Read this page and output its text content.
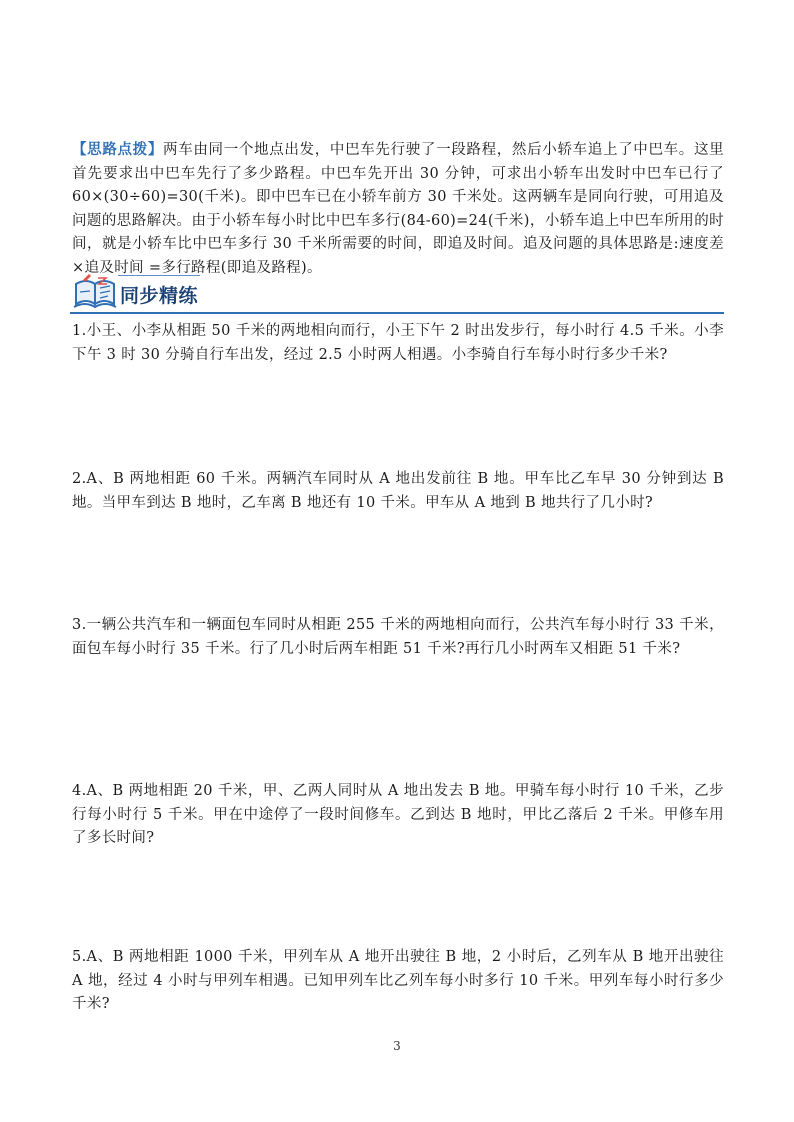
【思路点拨】两车由同一个地点出发，中巴车先行驶了一段路程，然后小轿车追上了中巴车。这里首先要求出中巴车先行了多少路程。中巴车先开出 30 分钟，可求出小轿车出发时中巴车已行了 60×(30÷60)=30(千米)。即中巴车已在小轿车前方 30 千米处。这两辆车是同向行驶，可用追及问题的思路解决。由于小轿车每小时比中巴车多行(84-60)=24(千米)，小轿车追上中巴车所用的时间，就是小轿车比中巴车多行 30 千米所需要的时间，即追及时间。追及问题的具体思路是:速度差×追及时间 =多行路程(即追及路程)。

同步精练

1.小王、小李从相距 50 千米的两地相向而行，小王下午 2 时出发步行，每小时行 4.5 千米。小李下午 3 时 30 分骑自行车出发，经过 2.5 小时两人相遇。小李骑自行车每小时行多少千米?

2.A、B 两地相距 60 千米。两辆汽车同时从 A 地出发前往 B 地。甲车比乙车早 30 分钟到达 B 地。当甲车到达 B 地时，乙车离 B 地还有 10 千米。甲车从 A 地到 B 地共行了几小时?

3.一辆公共汽车和一辆面包车同时从相距 255 千米的两地相向而行，公共汽车每小时行 33 千米，面包车每小时行 35 千米。行了几小时后两车相距 51 千米?再行几小时两车又相距 51 千米?

4.A、B 两地相距 20 千米，甲、乙两人同时从 A 地出发去 B 地。甲骑车每小时行 10 千米，乙步行每小时行 5 千米。甲在中途停了一段时间修车。乙到达 B 地时，甲比乙落后 2 千米。甲修车用了多长时间?

5.A、B 两地相距 1000 千米，甲列车从 A 地开出驶往 B 地，2 小时后，乙列车从 B 地开出驶往 A 地，经过 4 小时与甲列车相遇。已知甲列车比乙列车每小时多行 10 千米。甲列车每小时行多少千米?

3
